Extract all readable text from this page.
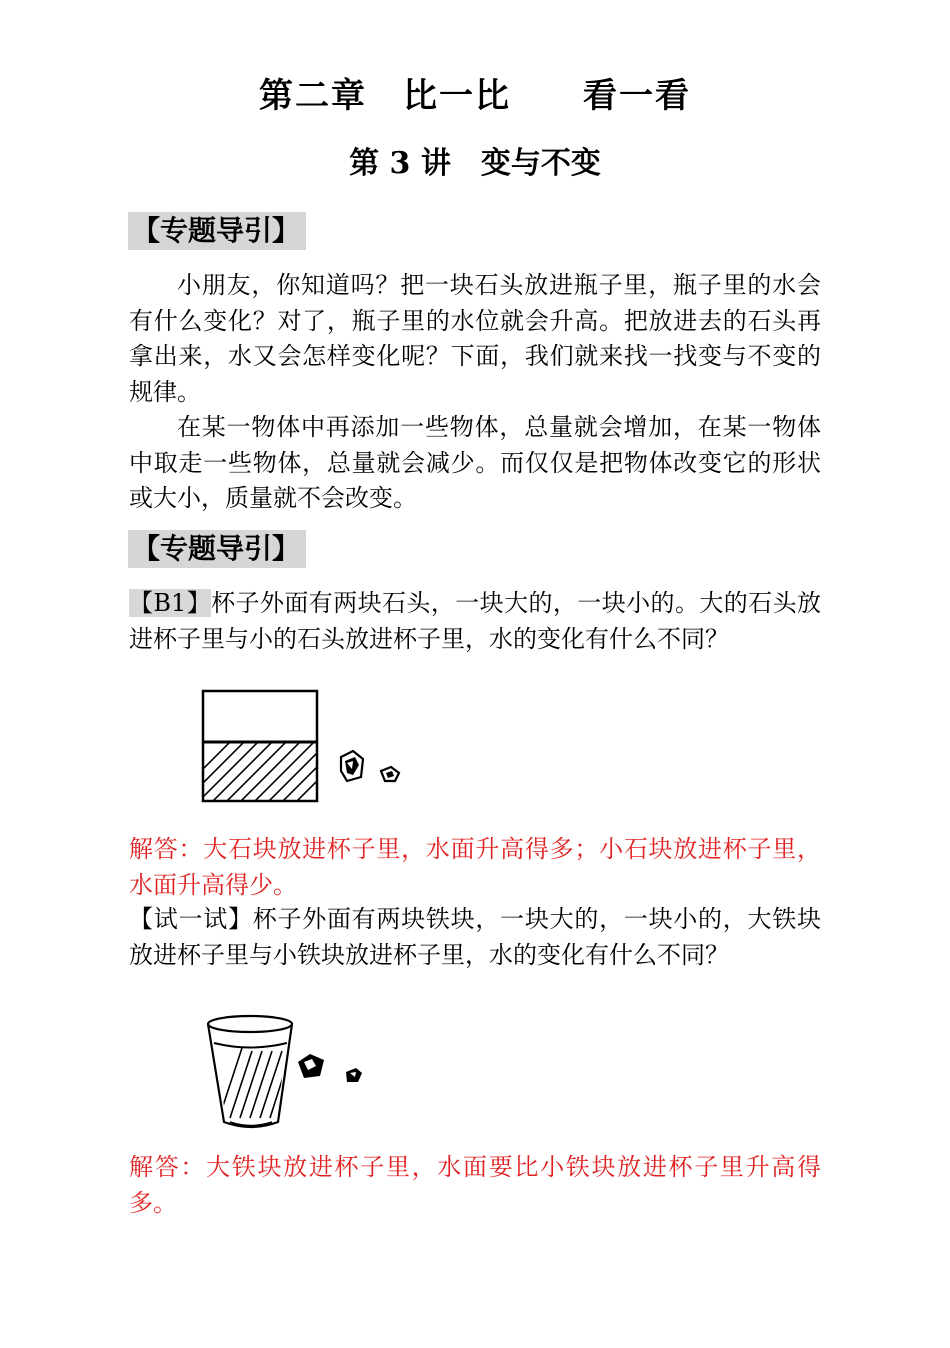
第二章　比一比　　看一看
第 3 讲　变与不变
【专题导引】

小朋友，你知道吗？把一块石头放进瓶子里，瓶子里的水会有什么变化？对了，瓶子里的水位就会升高。把放进去的石头再拿出来，水又会怎样变化呢？下面，我们就来找一找变与不变的规律。

在某一物体中再添加一些物体，总量就会增加，在某一物体中取走一些物体，总量就会减少。而仅仅是把物体改变它的形状或大小，质量就不会改变。

【专题导引】

【B1】杯子外面有两块石头，一块大的，一块小的。大的石头放进杯子里与小的石头放进杯子里，水的变化有什么不同？

解答：大石块放进杯子里，水面升高得多；小石块放进杯子里，水面升高得少。

【试一试】杯子外面有两块铁块，一块大的，一块小的，大铁块放进杯子里与小铁块放进杯子里，水的变化有什么不同？

解答：大铁块放进杯子里，水面要比小铁块放进杯子里升高得多。
